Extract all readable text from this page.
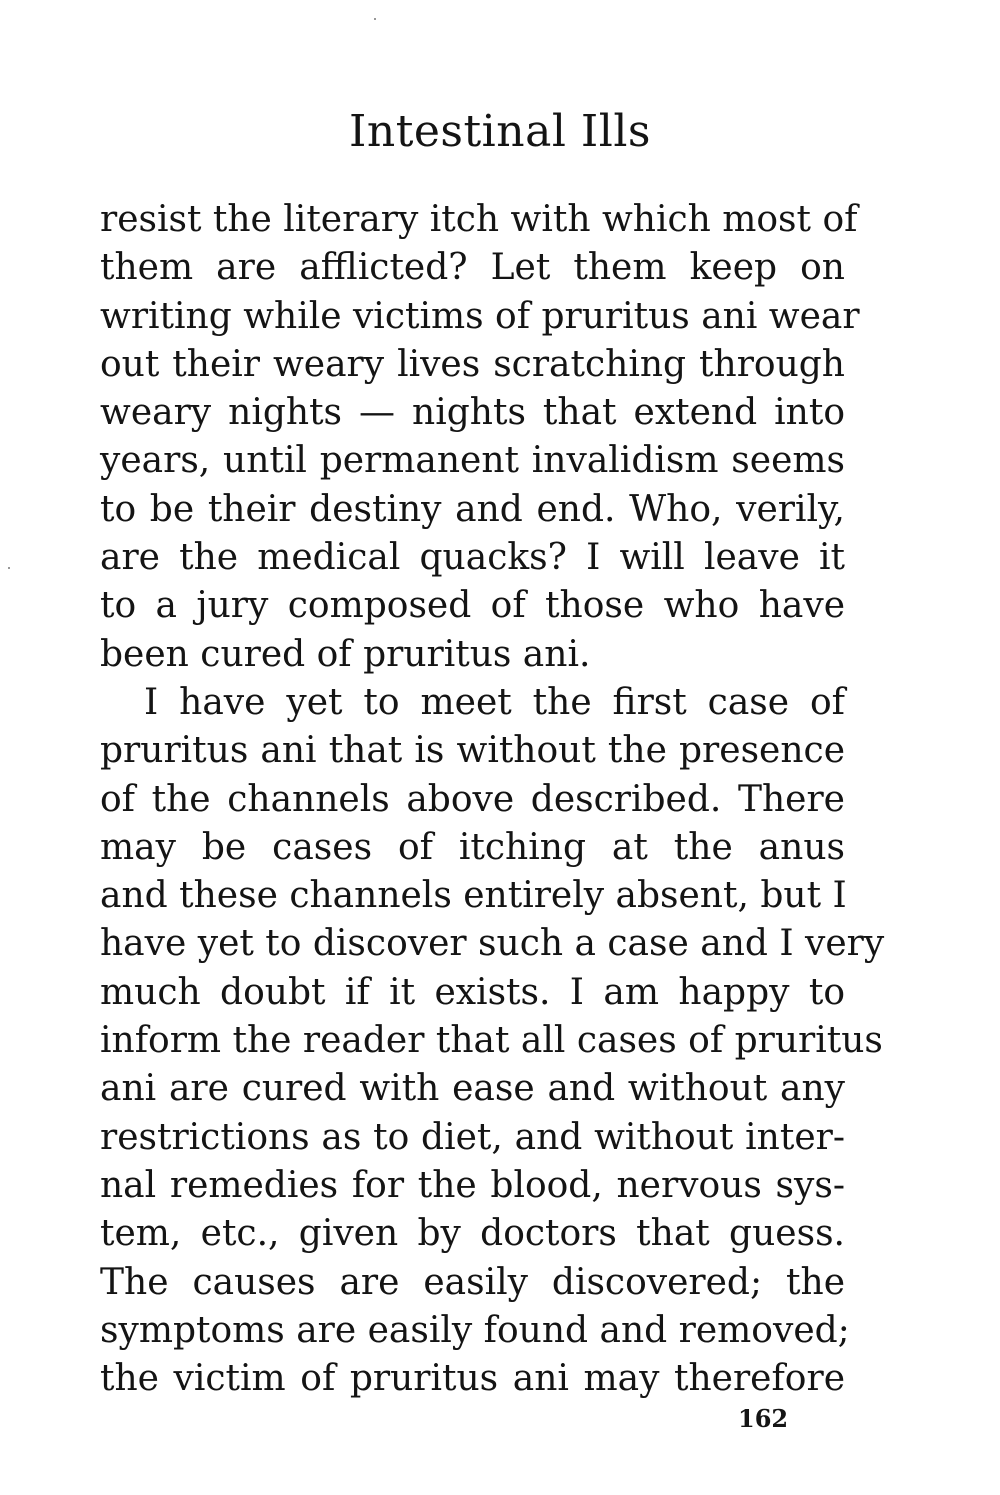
Intestinal Ills
resist the literary itch with which most of
them are afflicted? Let them keep on
writing while victims of pruritus ani wear
out their weary lives scratching through
weary nights — nights that extend into
years, until permanent invalidism seems
to be their destiny and end. Who, verily,
are the medical quacks? I will leave it
to a jury composed of those who have
been cured of pruritus ani.
I have yet to meet the first case of
pruritus ani that is without the presence
of the channels above described. There
may be cases of itching at the anus
and these channels entirely absent, but I
have yet to discover such a case and I very
much doubt if it exists. I am happy to
inform the reader that all cases of pruritus
ani are cured with ease and without any
restrictions as to diet, and without inter-
nal remedies for the blood, nervous sys-
tem, etc., given by doctors that guess.
The causes are easily discovered; the
symptoms are easily found and removed;
the victim of pruritus ani may therefore
162
